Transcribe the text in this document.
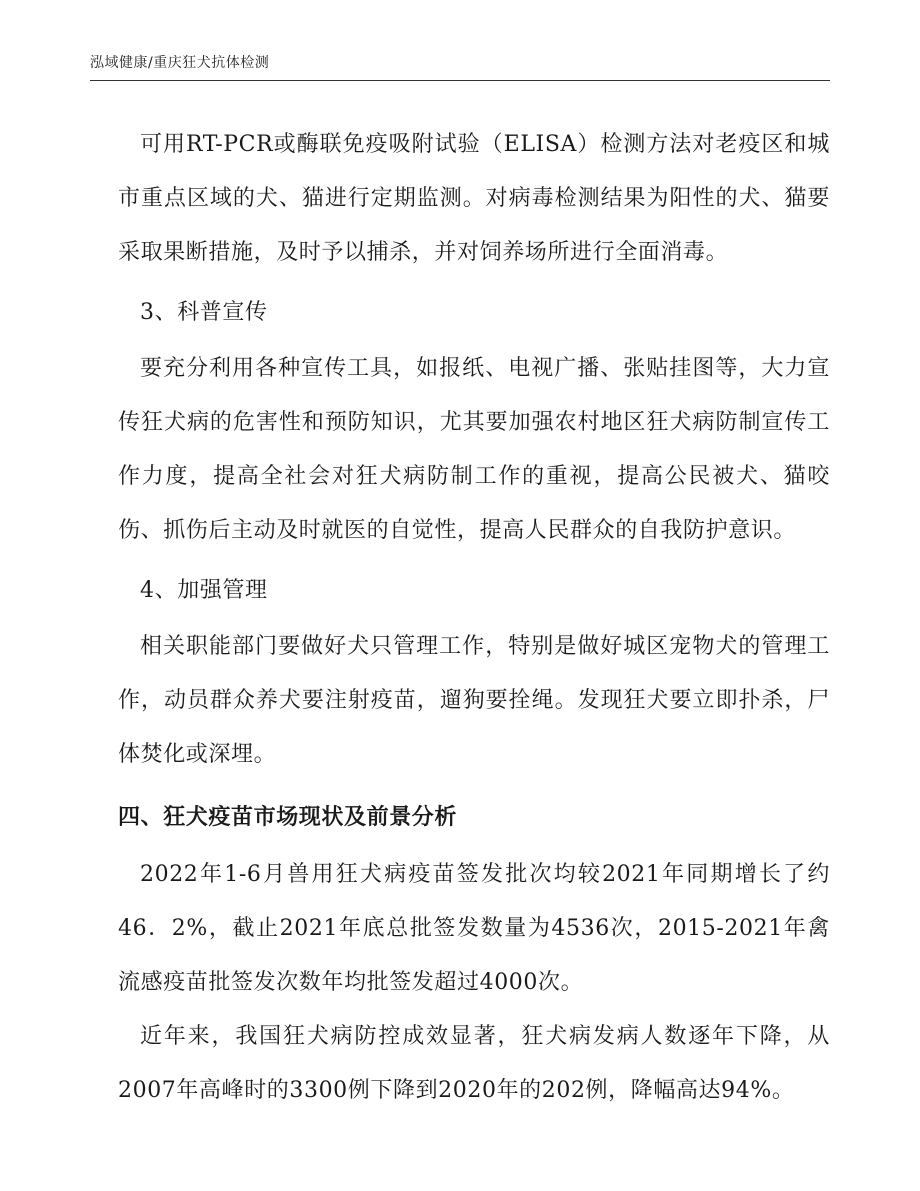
泓域健康/重庆狂犬抗体检测

可用RT-PCR或酶联免疫吸附试验（ELISA）检测方法对老疫区和城市重点区域的犬、猫进行定期监测。对病毒检测结果为阳性的犬、猫要采取果断措施，及时予以捕杀，并对饲养场所进行全面消毒。

3、科普宣传

要充分利用各种宣传工具，如报纸、电视广播、张贴挂图等，大力宣传狂犬病的危害性和预防知识，尤其要加强农村地区狂犬病防制宣传工作力度，提高全社会对狂犬病防制工作的重视，提高公民被犬、猫咬伤、抓伤后主动及时就医的自觉性，提高人民群众的自我防护意识。

4、加强管理

相关职能部门要做好犬只管理工作，特别是做好城区宠物犬的管理工作，动员群众养犬要注射疫苗，遛狗要拴绳。发现狂犬要立即扑杀，尸体焚化或深埋。

四、狂犬疫苗市场现状及前景分析

2022年1-6月兽用狂犬病疫苗签发批次均较2021年同期增长了约46．2%，截止2021年底总批签发数量为4536次，2015-2021年禽流感疫苗批签发次数年均批签发超过4000次。

近年来，我国狂犬病防控成效显著，狂犬病发病人数逐年下降，从2007年高峰时的3300例下降到2020年的202例，降幅高达94%。
